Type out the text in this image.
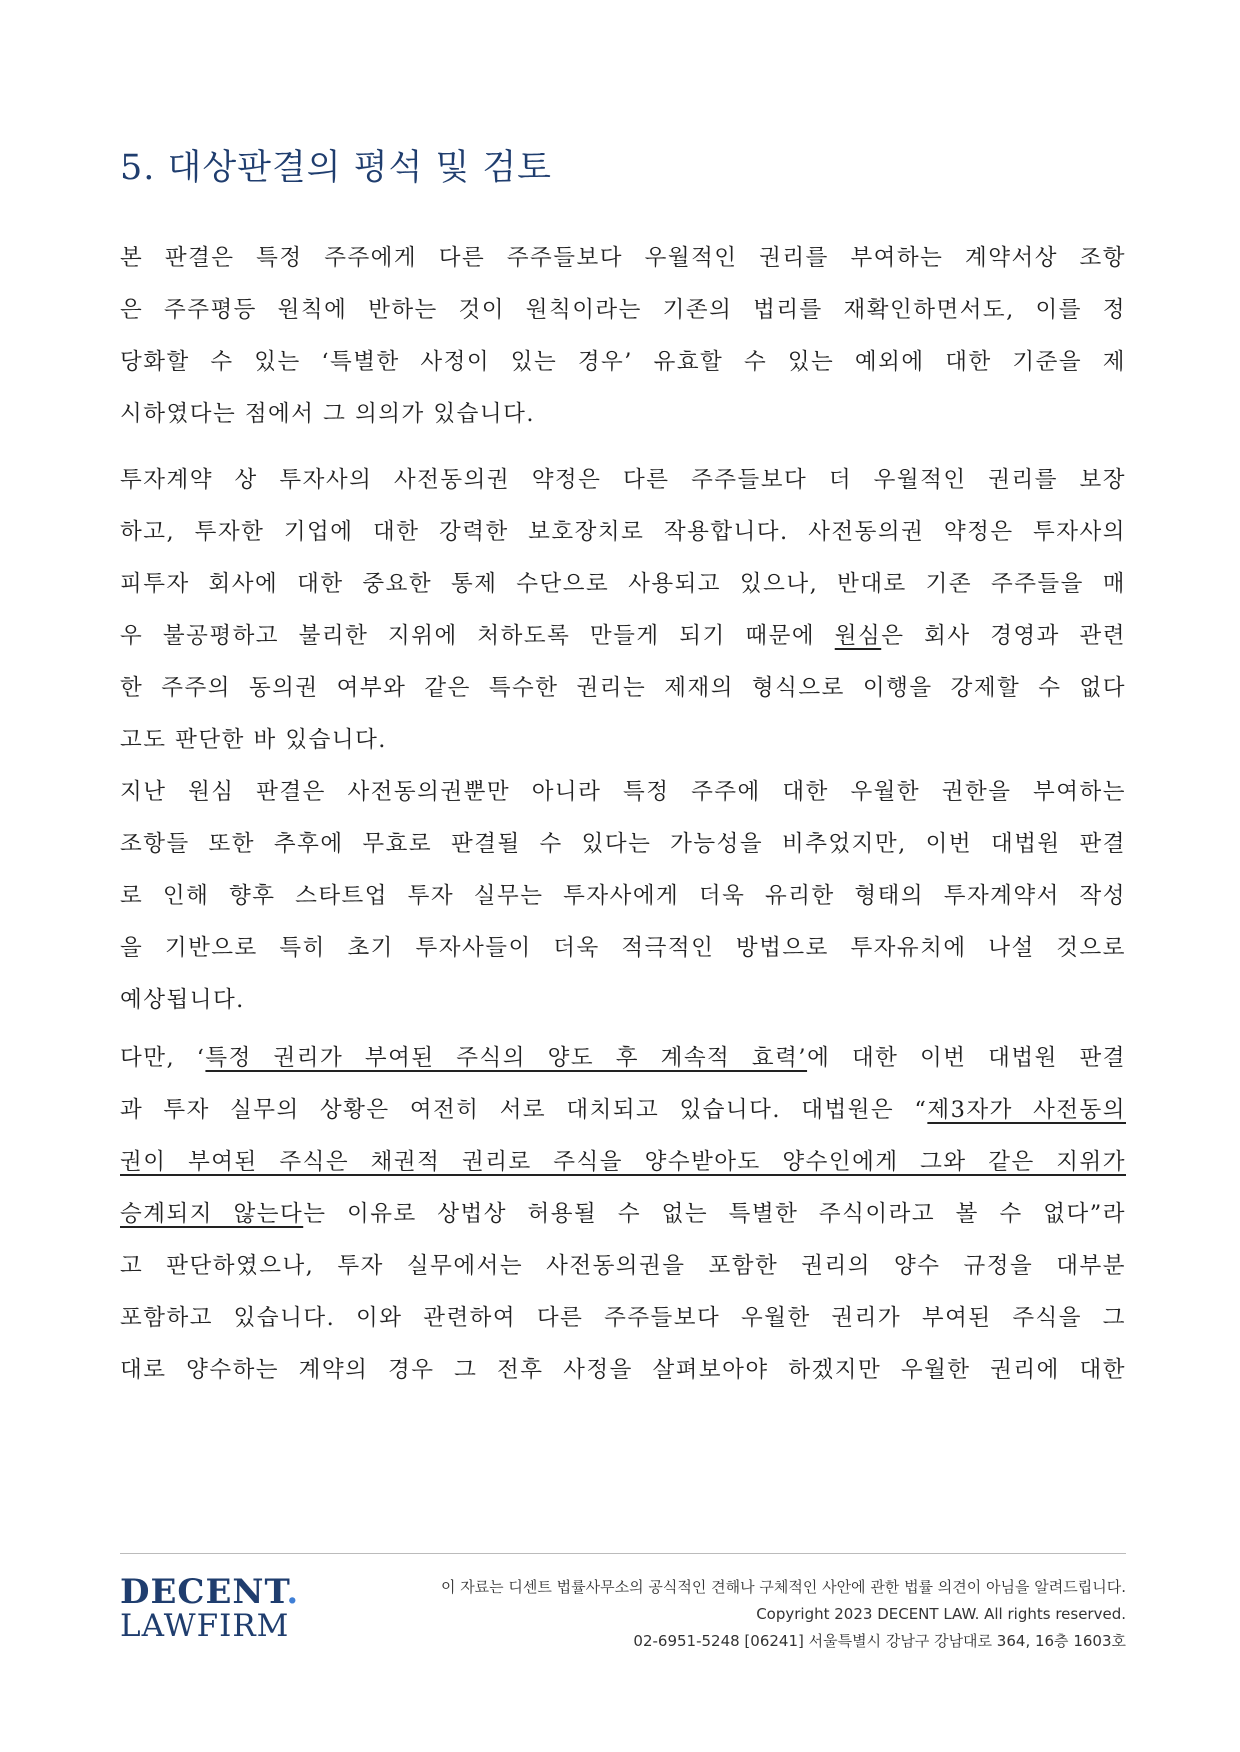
5. 대상판결의 평석 및 검토

본 판결은 특정 주주에게 다른 주주들보다 우월적인 권리를 부여하는 계약서상 조항
은 주주평등 원칙에 반하는 것이 원칙이라는 기존의 법리를 재확인하면서도, 이를 정
당화할 수 있는 ‘특별한 사정이 있는 경우’ 유효할 수 있는 예외에 대한 기준을 제
시하였다는 점에서 그 의의가 있습니다.

투자계약 상 투자사의 사전동의권 약정은 다른 주주들보다 더 우월적인 권리를 보장
하고, 투자한 기업에 대한 강력한 보호장치로 작용합니다. 사전동의권 약정은 투자사의
피투자 회사에 대한 중요한 통제 수단으로 사용되고 있으나, 반대로 기존 주주들을 매
우 불공평하고 불리한 지위에 처하도록 만들게 되기 때문에 원심은 회사 경영과 관련
한 주주의 동의권 여부와 같은 특수한 권리는 제재의 형식으로 이행을 강제할 수 없다
고도 판단한 바 있습니다.

지난 원심 판결은 사전동의권뿐만 아니라 특정 주주에 대한 우월한 권한을 부여하는
조항들 또한 추후에 무효로 판결될 수 있다는 가능성을 비추었지만, 이번 대법원 판결
로 인해 향후 스타트업 투자 실무는 투자사에게 더욱 유리한 형태의 투자계약서 작성
을 기반으로 특히 초기 투자사들이 더욱 적극적인 방법으로 투자유치에 나설 것으로
예상됩니다.

다만, ‘특정 권리가 부여된 주식의 양도 후 계속적 효력’에 대한 이번 대법원 판결
과 투자 실무의 상황은 여전히 서로 대치되고 있습니다. 대법원은 “제3자가 사전동의
권이 부여된 주식은 채권적 권리로 주식을 양수받아도 양수인에게 그와 같은 지위가
승계되지 않는다는 이유로 상법상 허용될 수 없는 특별한 주식이라고 볼 수 없다”라
고 판단하였으나, 투자 실무에서는 사전동의권을 포함한 권리의 양수 규정을 대부분
포함하고 있습니다. 이와 관련하여 다른 주주들보다 우월한 권리가 부여된 주식을 그
대로 양수하는 계약의 경우 그 전후 사정을 살펴보아야 하겠지만 우월한 권리에 대한

DECENT.
LAWFIRM
이 자료는 디센트 법률사무소의 공식적인 견해나 구체적인 사안에 관한 법률 의견이 아님을 알려드립니다.
Copyright 2023 DECENT LAW. All rights reserved.
02-6951-5248 [06241] 서울특별시 강남구 강남대로 364, 16층 1603호
